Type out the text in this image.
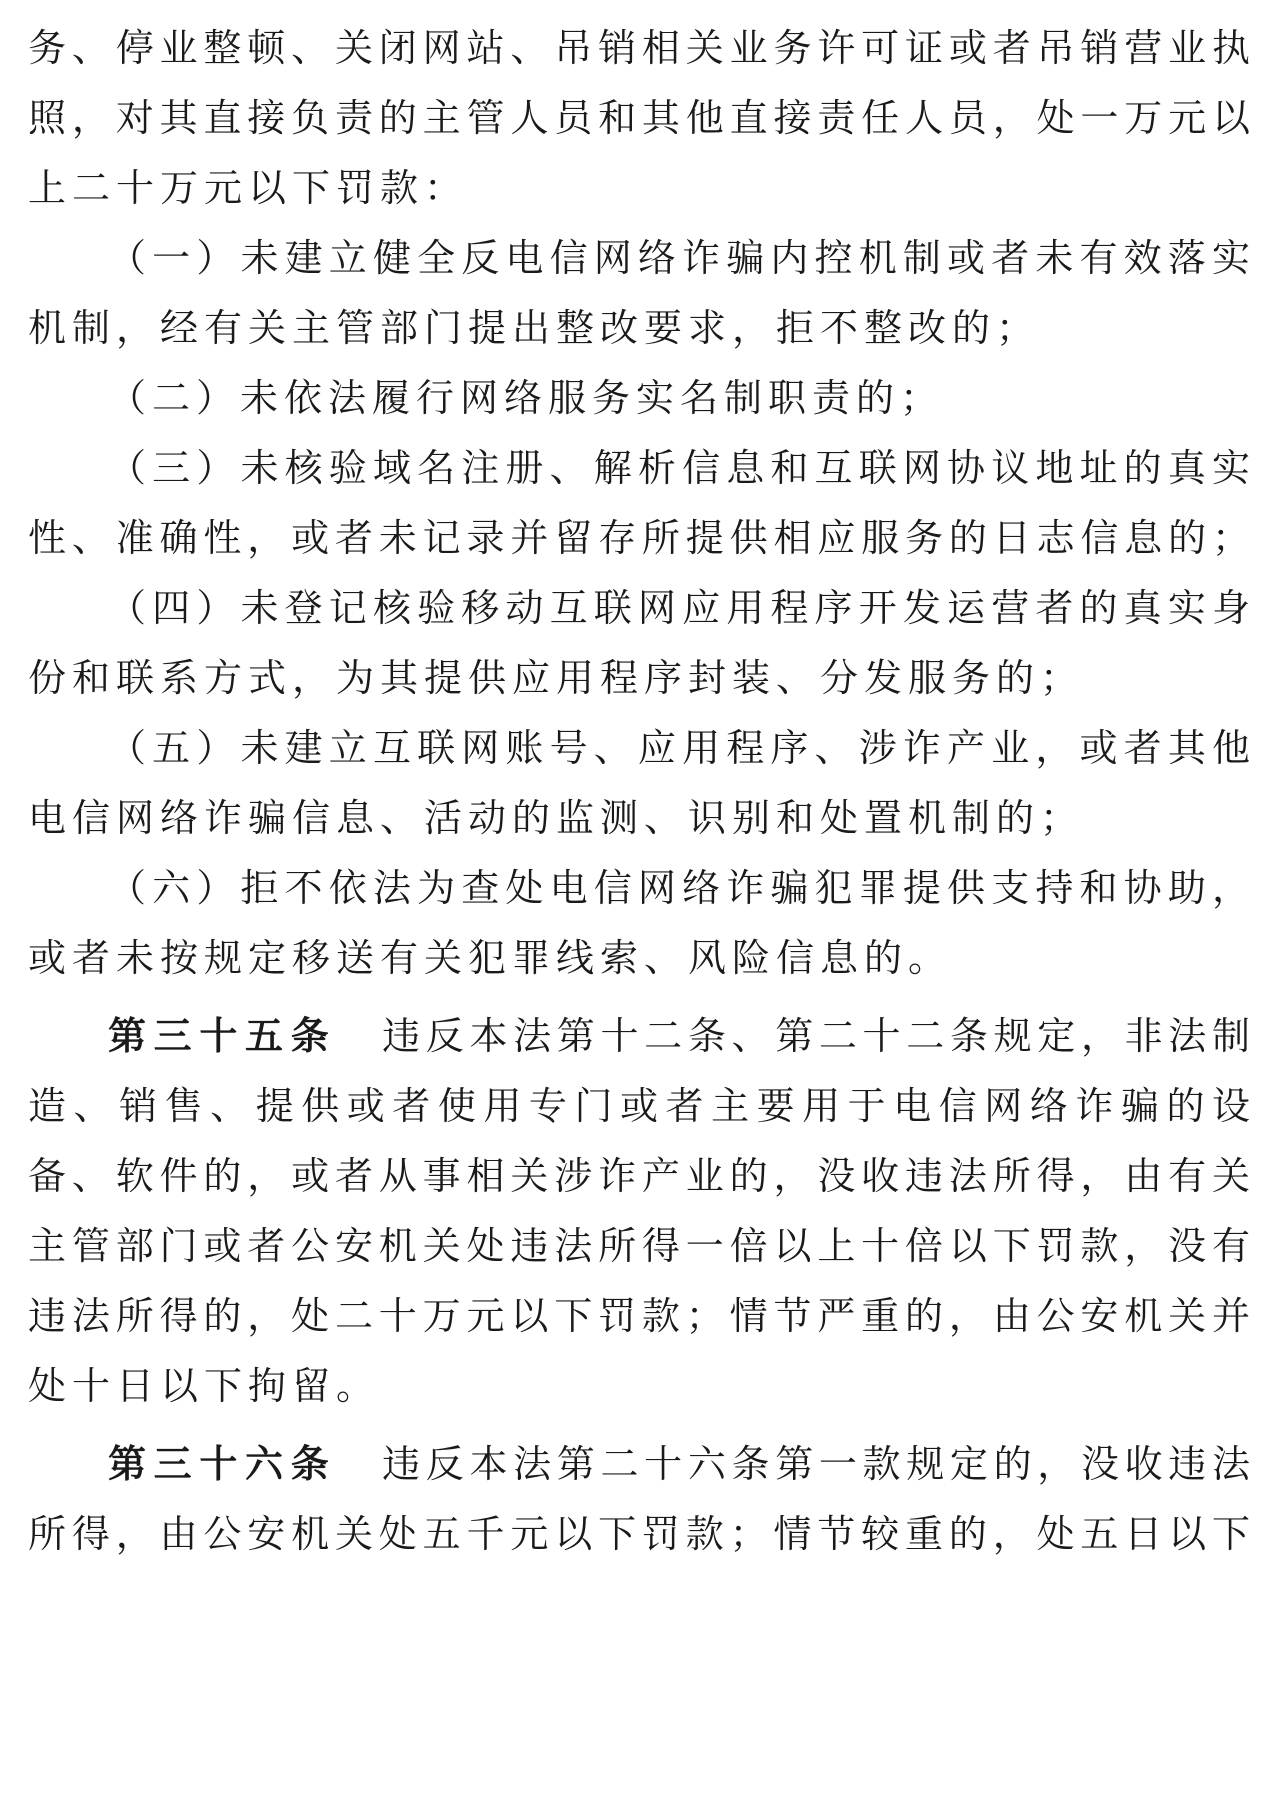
务、停业整顿、关闭网站、吊销相关业务许可证或者吊销营业执
照，对其直接负责的主管人员和其他直接责任人员，处一万元以
上二十万元以下罚款：
（一）未建立健全反电信网络诈骗内控机制或者未有效落实
机制，经有关主管部门提出整改要求，拒不整改的；
（二）未依法履行网络服务实名制职责的；
（三）未核验域名注册、解析信息和互联网协议地址的真实
性、准确性，或者未记录并留存所提供相应服务的日志信息的；
（四）未登记核验移动互联网应用程序开发运营者的真实身
份和联系方式，为其提供应用程序封装、分发服务的；
（五）未建立互联网账号、应用程序、涉诈产业，或者其他
电信网络诈骗信息、活动的监测、识别和处置机制的；
（六）拒不依法为查处电信网络诈骗犯罪提供支持和协助，
或者未按规定移送有关犯罪线索、风险信息的。
第三十五条 违反本法第十二条、第二十二条规定，非法制
造、销售、提供或者使用专门或者主要用于电信网络诈骗的设
备、软件的，或者从事相关涉诈产业的，没收违法所得，由有关
主管部门或者公安机关处违法所得一倍以上十倍以下罚款，没有
违法所得的，处二十万元以下罚款；情节严重的，由公安机关并
处十日以下拘留。
第三十六条 违反本法第二十六条第一款规定的，没收违法
所得，由公安机关处五千元以下罚款；情节较重的，处五日以下
